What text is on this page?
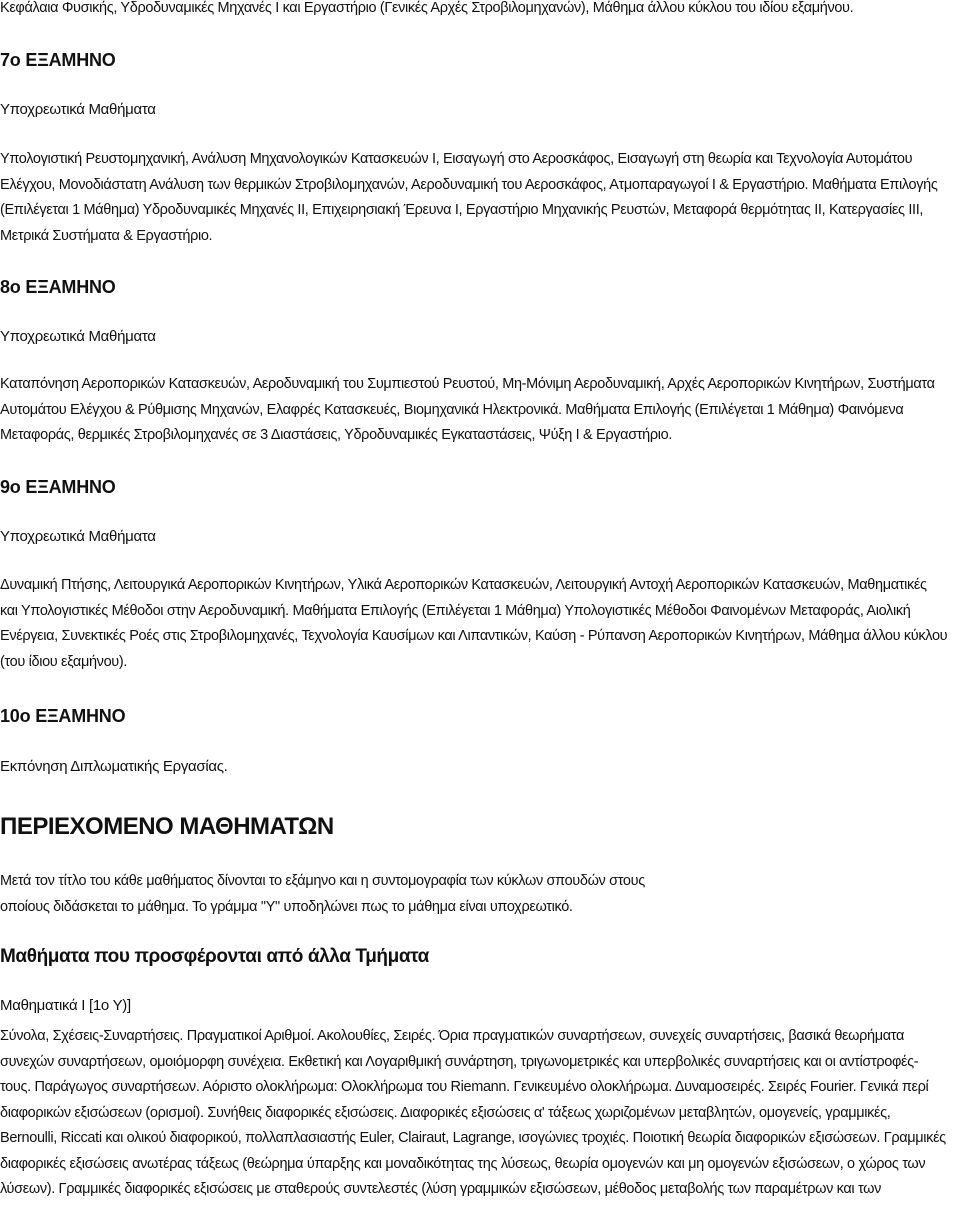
Κεφάλαια Φυσικής, Υδροδυναμικές Μηχανές Ι και Εργαστήριο (Γενικές Αρχές Στροβιλομηχανών), Μάθημα άλλου κύκλου του ιδίου εξαμήνου.
7ο ΕΞΑΜΗΝΟ
Υποχρεωτικά Μαθήματα
Υπολογιστική Ρευστομηχανική, Ανάλυση Μηχανολογικών Κατασκευών Ι, Εισαγωγή στο Αεροσκάφος, Εισαγωγή στη θεωρία και Τεχνολογία Αυτομάτου
Ελέγχου, Μονοδιάστατη Ανάλυση των θερμικών Στροβιλομηχανών, Αεροδυναμική του Αεροσκάφος, Ατμοπαραγωγοί Ι & Εργαστήριο. Μαθήματα Επιλογής
(Επιλέγεται 1 Μάθημα) Υδροδυναμικές Μηχανές ΙΙ, Επιχειρησιακή Έρευνα Ι, Εργαστήριο Μηχανικής Ρευστών, Μεταφορά θερμότητας ΙΙ, Κατεργασίες ΙΙΙ,
Μετρικά Συστήματα & Εργαστήριο.
8ο ΕΞΑΜΗΝΟ
Υποχρεωτικά Μαθήματα
Καταπόνηση Αεροπορικών Κατασκευών, Αεροδυναμική του Συμπιεστού Ρευστού, Μη-Μόνιμη Αεροδυναμική, Αρχές Αεροπορικών Κινητήρων, Συστήματα
Αυτομάτου Ελέγχου & Ρύθμισης Μηχανών, Ελαφρές Κατασκευές, Βιομηχανικά Ηλεκτρονικά. Μαθήματα Επιλογής (Επιλέγεται 1 Μάθημα) Φαινόμενα
Μεταφοράς, θερμικές Στροβιλομηχανές σε 3 Διαστάσεις, Υδροδυναμικές Εγκαταστάσεις, Ψύξη Ι & Εργαστήριο.
9ο ΕΞΑΜΗΝΟ
Υποχρεωτικά Μαθήματα
Δυναμική Πτήσης, Λειτουργικά Αεροπορικών Κινητήρων, Υλικά Αεροπορικών Κατασκευών, Λειτουργική Αντοχή Αεροπορικών Κατασκευών, Μαθηματικές
και Υπολογιστικές Μέθοδοι στην Αεροδυναμική. Μαθήματα Επιλογής (Επιλέγεται 1 Μάθημα) Υπολογιστικές Μέθοδοι Φαινομένων Μεταφοράς, Αιολική
Ενέργεια, Συνεκτικές Ροές στις Στροβιλομηχανές, Τεχνολογία Καυσίμων και Λιπαντικών, Καύση - Ρύπανση Αεροπορικών Κινητήρων, Μάθημα άλλου κύκλου
(του ίδιου εξαμήνου).
10ο ΕΞΑΜΗΝΟ
Εκπόνηση Διπλωματικής Εργασίας.
ΠΕΡΙΕΧΟΜΕΝΟ ΜΑΘΗΜΑΤΩΝ
Μετά τον τίτλο του κάθε μαθήματος δίνονται το εξάμηνο και η συντομογραφία των κύκλων σπουδών στους
οποίους διδάσκεται το μάθημα. Το γράμμα "Υ" υποδηλώνει πως το μάθημα είναι υποχρεωτικό.
Μαθήματα που προσφέρονται από άλλα Τμήματα
Μαθηματικά Ι [1ο Υ)]
Σύνολα, Σχέσεις-Συναρτήσεις. Πραγματικοί Αριθμοί. Ακολουθίες, Σειρές. Όρια πραγματικών συναρτήσεων, συνεχείς συναρτήσεις, βασικά θεωρήματα
συνεχών συναρτήσεων, ομοιόμορφη συνέχεια. Εκθετική και Λογαριθμική συνάρτηση, τριγωνομετρικές και υπερβολικές συναρτήσεις και οι αντίστροφές-
τους. Παράγωγος συναρτήσεων. Αόριστο ολοκλήρωμα: Ολοκλήρωμα του Riemann. Γενικευμένο ολοκλήρωμα. Δυναμοσειρές. Σειρές Fourier. Γενικά περί
διαφορικών εξισώσεων (ορισμοί). Συνήθεις διαφορικές εξισώσεις. Διαφορικές εξισώσεις α' τάξεως χωριζομένων μεταβλητών, ομογενείς, γραμμικές,
Bernoulli, Riccati και ολικού διαφορικού, πολλαπλασιαστής Euler, Clairaut, Lagrange, ισογώνιες τροχιές. Ποιοτική θεωρία διαφορικών εξισώσεων. Γραμμικές
διαφορικές εξισώσεις ανωτέρας τάξεως (θεώρημα ύπαρξης και μοναδικότητας της λύσεως, θεωρία ομογενών και μη ομογενών εξισώσεων, ο χώρος των
λύσεων). Γραμμικές διαφορικές εξισώσεις με σταθερούς συντελεστές (λύση γραμμικών εξισώσεων, μέθοδος μεταβολής των παραμέτρων και των
